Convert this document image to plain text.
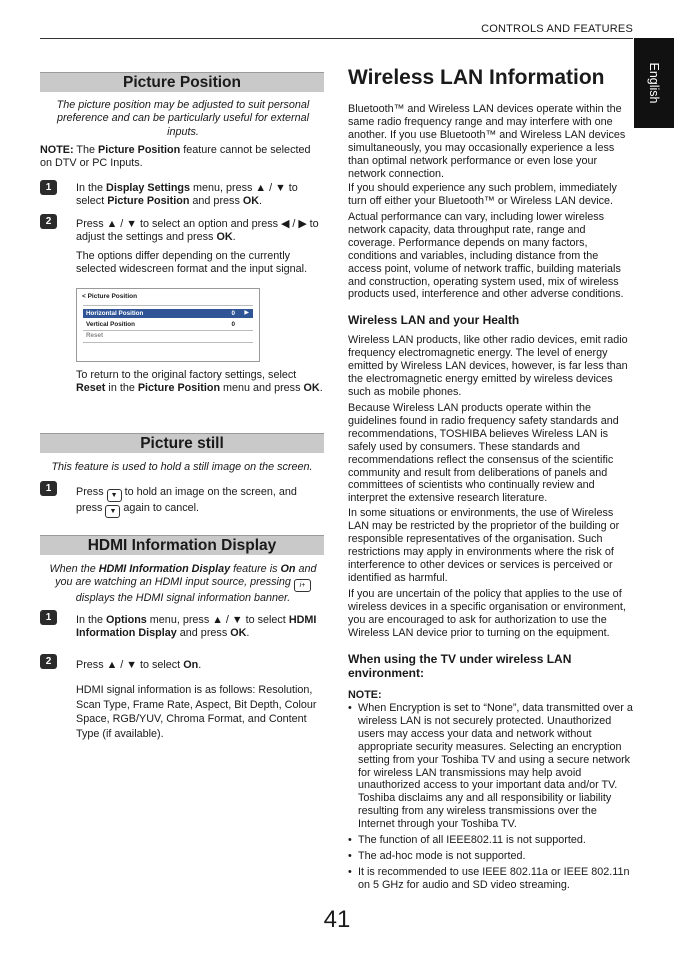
CONTROLS AND FEATURES
English
Picture Position
The picture position may be adjusted to suit personal preference and can be particularly useful for external inputs.
NOTE: The Picture Position feature cannot be selected on DTV or PC Inputs.
1	In the Display Settings menu, press ▲ / ▼ to select Picture Position and press OK.
2	Press ▲ / ▼ to select an option and press ◀ / ▶ to adjust the settings and press OK.
The options differ depending on the currently selected widescreen format and the input signal.
< Picture Position
Horizontal Position	0 ▶
Vertical Position	0
Reset
To return to the original factory settings, select Reset in the Picture Position menu and press OK.
Picture still
This feature is used to hold a still image on the screen.
1	Press ▼ to hold an image on the screen, and press ▼ again to cancel.
HDMI Information Display
When the HDMI Information Display feature is On and you are watching an HDMI input source, pressing i+ displays the HDMI signal information banner.
1	In the Options menu, press ▲ / ▼ to select HDMI Information Display and press OK.
2	Press ▲ / ▼ to select On.
HDMI signal information is as follows: Resolution, Scan Type, Frame Rate, Aspect, Bit Depth, Colour Space, RGB/YUV, Chroma Format, and Content Type (if available).
Wireless LAN Information
Bluetooth™ and Wireless LAN devices operate within the same radio frequency range and may interfere with one another. If you use Bluetooth™ and Wireless LAN devices simultaneously, you may occasionally experience a less than optimal network performance or even lose your network connection.
If you should experience any such problem, immediately turn off either your Bluetooth™ or Wireless LAN device.
Actual performance can vary, including lower wireless network capacity, data throughput rate, range and coverage. Performance depends on many factors, conditions and variables, including distance from the access point, volume of network traffic, building materials and construction, operating system used, mix of wireless products used, interference and other adverse conditions.
Wireless LAN and your Health
Wireless LAN products, like other radio devices, emit radio frequency electromagnetic energy. The level of energy emitted by Wireless LAN devices, however, is far less than the electromagnetic energy emitted by wireless devices such as mobile phones.
Because Wireless LAN products operate within the guidelines found in radio frequency safety standards and recommendations, TOSHIBA believes Wireless LAN is safely used by consumers. These standards and recommendations reflect the consensus of the scientific community and result from deliberations of panels and committees of scientists who continually review and interpret the extensive research literature.
In some situations or environments, the use of Wireless LAN may be restricted by the proprietor of the building or responsible representatives of the organisation. Such restrictions may apply in environments where the risk of interference to other devices or services is perceived or identified as harmful.
If you are uncertain of the policy that applies to the use of wireless devices in a specific organisation or environment, you are encouraged to ask for authorization to use the Wireless LAN device prior to turning on the equipment.
When using the TV under wireless LAN environment:
NOTE:
• When Encryption is set to “None”, data transmitted over a wireless LAN is not securely protected. Unauthorized users may access your data and network without appropriate security measures. Selecting an encryption setting from your Toshiba TV and using a secure network for wireless LAN transmissions may help avoid unauthorized access to your important data and/or TV. Toshiba disclaims any and all responsibility or liability resulting from any wireless transmissions over the Internet through your Toshiba TV.
• The function of all IEEE802.11 is not supported.
• The ad-hoc mode is not supported.
• It is recommended to use IEEE 802.11a or IEEE 802.11n on 5 GHz for audio and SD video streaming.
41
